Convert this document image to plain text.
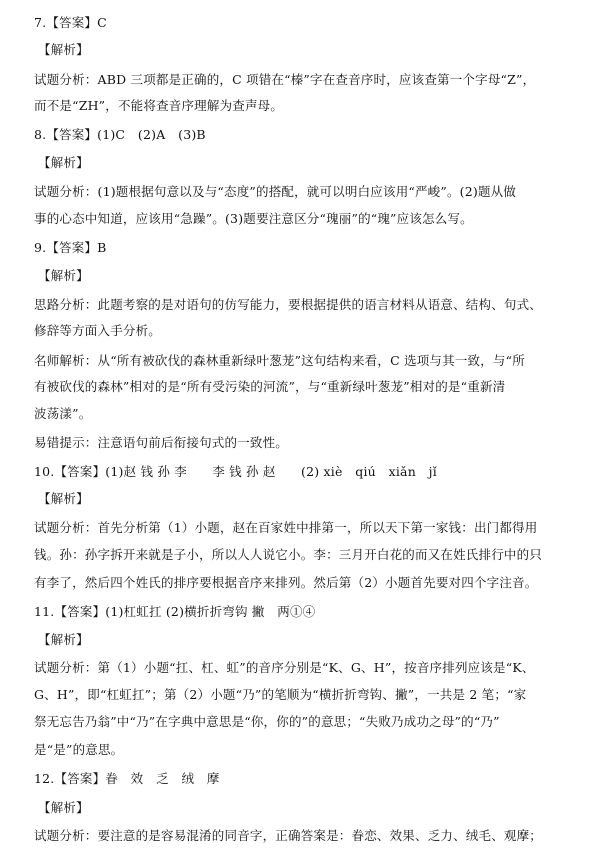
7.【答案】C
【解析】
试题分析：ABD 三项都是正确的，C 项错在“榛”字在查音序时，应该查第一个字母“Z”，
而不是“ZH”，不能将查音序理解为查声母。
8.【答案】(1)C　(2)A　(3)B
【解析】
试题分析：(1)题根据句意以及与“态度”的搭配，就可以明白应该用“严峻”。(2)题从做
事的心态中知道，应该用“急躁”。(3)题要注意区分“瑰丽”的“瑰”应该怎么写。
9.【答案】B
【解析】
思路分析：此题考察的是对语句的仿写能力，要根据提供的语言材料从语意、结构、句式、
修辞等方面入手分析。
名师解析：从“所有被砍伐的森林重新绿叶葱茏”这句结构来看，C 选项与其一致，与“所
有被砍伐的森林”相对的是“所有受污染的河流”，与“重新绿叶葱茏”相对的是“重新清
波荡漾”。
易错提示：注意语句前后衔接句式的一致性。
10.【答案】(1)赵 钱 孙 李　　李 钱 孙 赵　　(2) xiè　qiú　xiǎn　jǐ
【解析】
试题分析：首先分析第（1）小题，赵在百家姓中排第一，所以天下第一家钱：出门都得用
钱。孙：孙字拆开来就是子小，所以人人说它小。李：三月开白花的而又在姓氏排行中的只
有李了，然后四个姓氏的排序要根据音序来排列。然后第（2）小题首先要对四个字注音。
11.【答案】(1)杠虹扛 (2)横折折弯钩 撇　两①④
【解析】
试题分析：第（1）小题“扛、杠、虹”的音序分别是“K、G、H”，按音序排列应该是“K、
G、H”，即“杠虹扛”；第（2）小题“乃”的笔顺为“横折折弯钩、撇”，一共是 2 笔；“家
祭无忘告乃翁”中“乃”在字典中意思是“你，你的”的意思；“失败乃成功之母”的“乃”
是“是”的意思。
12.【答案】眷　效　乏　绒　摩
【解析】
试题分析：要注意的是容易混淆的同音字，正确答案是：眷恋、效果、乏力、绒毛、观摩；
